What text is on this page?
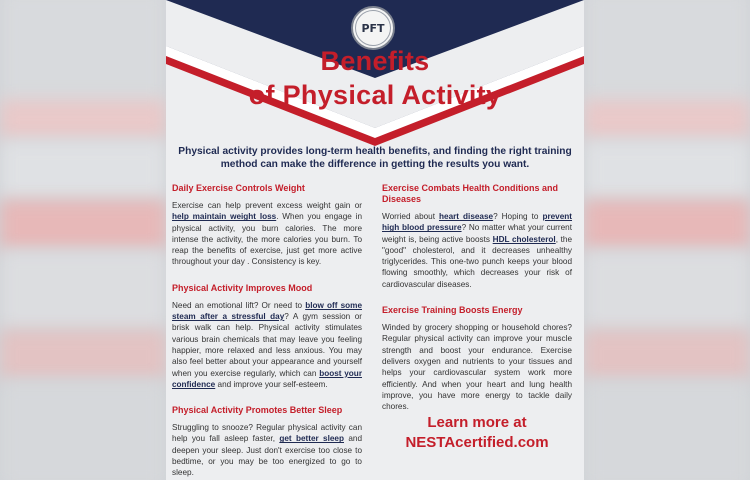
PFT
Benefits
of Physical Activity
Physical activity provides long-term health benefits, and finding the right training
method can make the difference in getting the results you want.
Daily Exercise Controls Weight

Exercise can help prevent excess weight gain or help maintain weight loss. When you engage in physical activity, you burn calories. The more intense the activity, the more calories you burn. To reap the benefits of exercise, just get more active throughout your day . Consistency is key.

Physical Activity Improves Mood

Need an emotional lift? Or need to blow off some steam after a stressful day? A gym session or brisk walk can help. Physical activity stimulates various brain chemicals that may leave you feeling happier, more relaxed and less anxious. You may also feel better about your appearance and yourself when you exercise regularly, which can boost your confidence and improve your self-esteem.

Physical Activity Promotes Better Sleep

Struggling to snooze? Regular physical activity can help you fall asleep faster, get better sleep and deepen your sleep. Just don't exercise too close to bedtime, or you may be too energized to go to sleep.

Exercise Combats Health Conditions and Diseases

Worried about heart disease? Hoping to prevent high blood pressure? No matter what your current weight is, being active boosts HDL cholesterol, the "good" cholesterol, and it decreases unhealthy triglycerides. This one-two punch keeps your blood flowing smoothly, which decreases your risk of cardiovascular diseases.

Exercise Training Boosts Energy

Winded by grocery shopping or household chores? Regular physical activity can improve your muscle strength and boost your endurance. Exercise delivers oxygen and nutrients to your tissues and helps your cardiovascular system work more efficiently. And when your heart and lung health improve, you have more energy to tackle daily chores.

Learn more at
NESTAcertified.com
